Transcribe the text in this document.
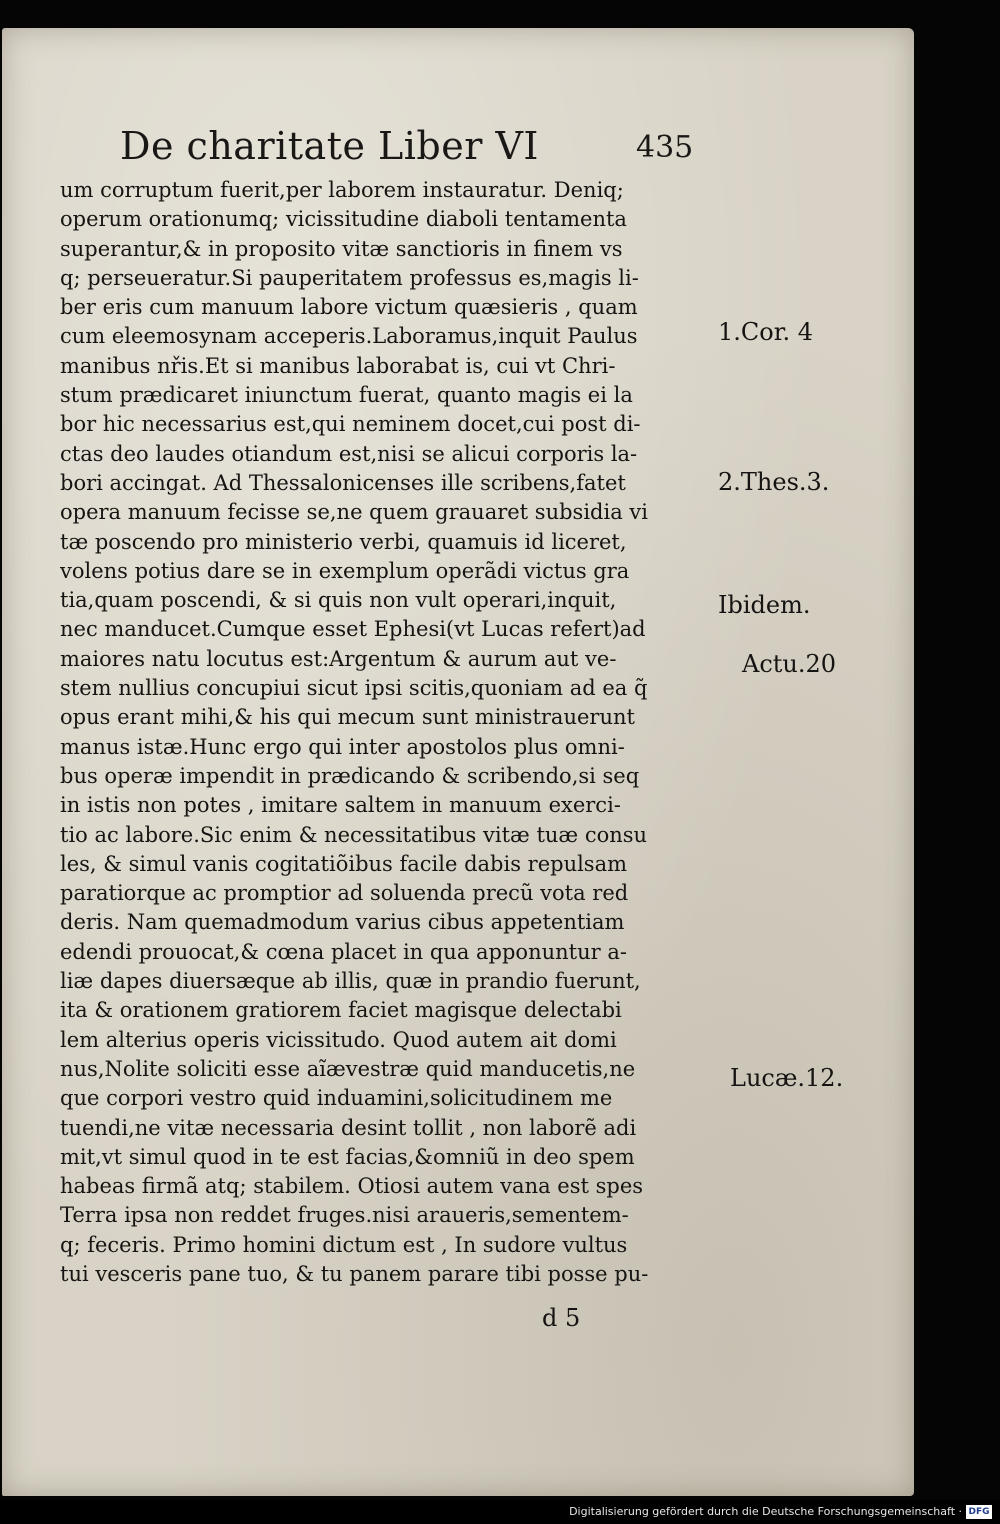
De charitate Liber VI	435
um corruptum fuerit,per laborem instauratur. Deniq;
operum orationumq; vicissitudine diaboli tentamenta
superantur,& in proposito vitæ sanctioris in finem vs
q; perseueratur.Si pauperitatem professus es,magis li-
ber eris cum manuum labore victum quæsieris , quam
cum eleemosynam acceperis.Laboramus,inquit Paulus
manibus nřis.Et si manibus laborabat is, cui vt Chri-
stum prædicaret iniunctum fuerat, quanto magis ei la
bor hic necessarius est,qui neminem docet,cui post di-
ctas deo laudes otiandum est,nisi se alicui corporis la-
bori accingat. Ad Thessalonicenses ille scribens,fatet
opera manuum fecisse se,ne quem grauaret subsidia vi
tæ poscendo pro ministerio verbi, quamuis id liceret,
volens potius dare se in exemplum operãdi victus gra
tia,quam poscendi, & si quis non vult operari,inquit,
nec manducet.Cumque esset Ephesi(vt Lucas refert)ad
maiores natu locutus est:Argentum & aurum aut ve-
stem nullius concupiui sicut ipsi scitis,quoniam ad ea q̃
opus erant mihi,& his qui mecum sunt ministrauerunt
manus istæ.Hunc ergo qui inter apostolos plus omni-
bus operæ impendit in prædicando & scribendo,si seq
in istis non potes , imitare saltem in manuum exerci-
tio ac labore.Sic enim & necessitatibus vitæ tuæ consu
les, & simul vanis cogitatiõibus facile dabis repulsam
paratiorque ac promptior ad soluenda precũ vota red
deris. Nam quemadmodum varius cibus appetentiam
edendi prouocat,& cœna placet in qua apponuntur a-
liæ dapes diuersæque ab illis, quæ in prandio fuerunt,
ita & orationem gratiorem faciet magisque delectabi
lem alterius operis vicissitudo. Quod autem ait domi
nus,Nolite soliciti esse aĩævestræ quid manducetis,ne
que corpori vestro quid induamini,solicitudinem me
tuendi,ne vitæ necessaria desint tollit , non laborẽ adi
mit,vt simul quod in te est facias,&omniũ in deo spem
habeas firmã atq; stabilem. Otiosi autem vana est spes
Terra ipsa non reddet fruges.nisi araueris,sementem-
q; feceris. Primo homini dictum est , In sudore vultus
tui vesceris pane tuo, & tu panem parare tibi posse pu-
1.Cor. 4
2.Thes.3.
Ibidem.
Actu.20
Lucæ.12.
d 5
Digitalisierung gefördert durch die Deutsche Forschungsgemeinschaft · DFG
